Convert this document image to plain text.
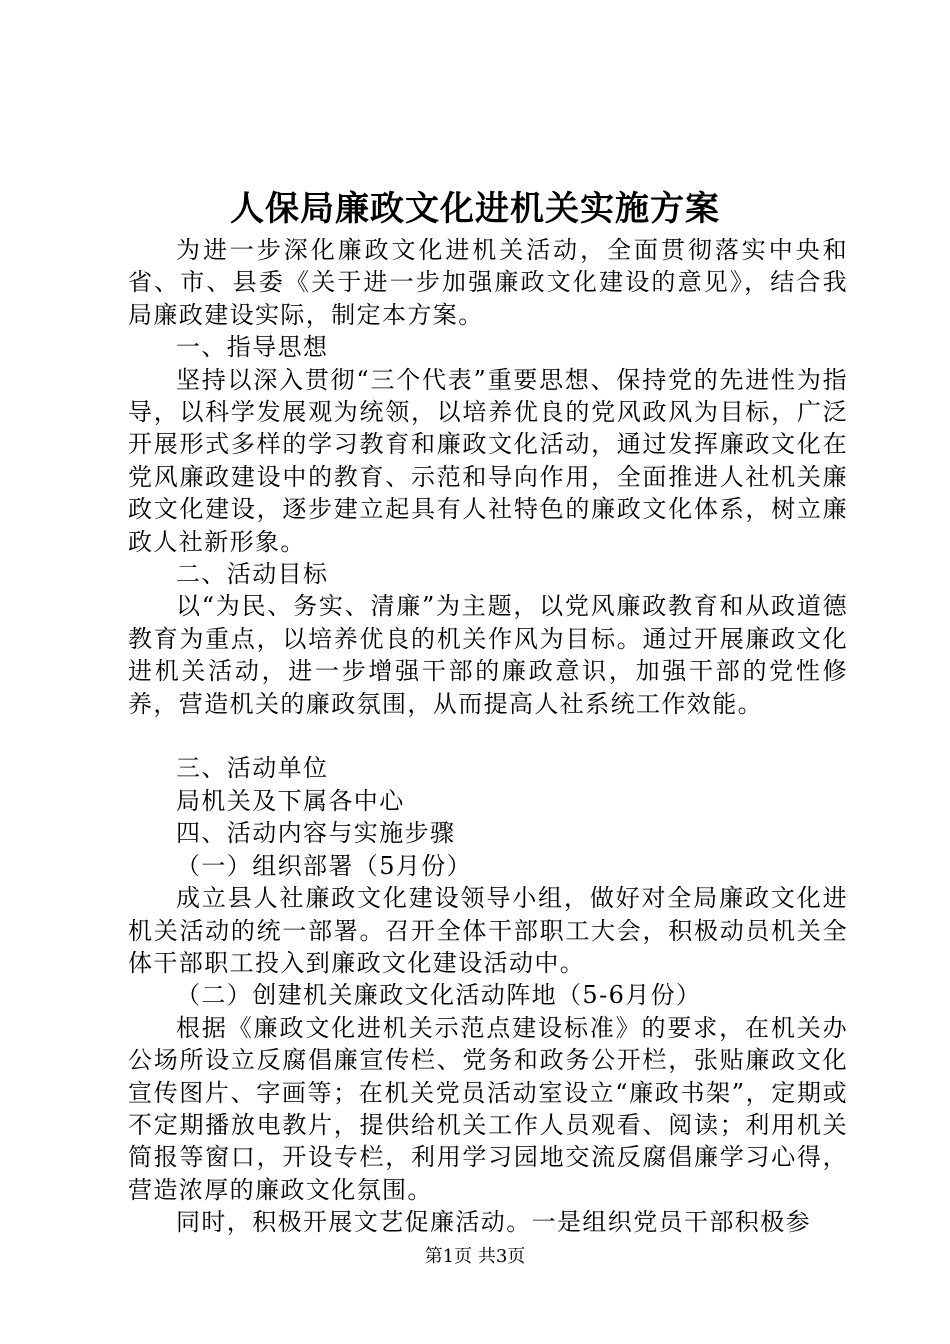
人保局廉政文化进机关实施方案

为进一步深化廉政文化进机关活动，全面贯彻落实中央和省、市、县委《关于进一步加强廉政文化建设的意见》，结合我局廉政建设实际，制定本方案。

一、指导思想

坚持以深入贯彻“三个代表”重要思想、保持党的先进性为指导，以科学发展观为统领，以培养优良的党风政风为目标，广泛开展形式多样的学习教育和廉政文化活动，通过发挥廉政文化在党风廉政建设中的教育、示范和导向作用，全面推进人社机关廉政文化建设，逐步建立起具有人社特色的廉政文化体系，树立廉政人社新形象。

二、活动目标

以“为民、务实、清廉”为主题，以党风廉政教育和从政道德教育为重点，以培养优良的机关作风为目标。通过开展廉政文化进机关活动，进一步增强干部的廉政意识，加强干部的党性修养，营造机关的廉政氛围，从而提高人社系统工作效能。

三、活动单位

局机关及下属各中心

四、活动内容与实施步骤

（一）组织部署（5月份）

成立县人社廉政文化建设领导小组，做好对全局廉政文化进机关活动的统一部署。召开全体干部职工大会，积极动员机关全体干部职工投入到廉政文化建设活动中。

（二）创建机关廉政文化活动阵地（5-6月份）

根据《廉政文化进机关示范点建设标准》的要求，在机关办公场所设立反腐倡廉宣传栏、党务和政务公开栏，张贴廉政文化宣传图片、字画等；在机关党员活动室设立“廉政书架”，定期或不定期播放电教片，提供给机关工作人员观看、阅读；利用机关简报等窗口，开设专栏，利用学习园地交流反腐倡廉学习心得，营造浓厚的廉政文化氛围。

同时，积极开展文艺促廉活动。一是组织党员干部积极参

第1页 共3页
